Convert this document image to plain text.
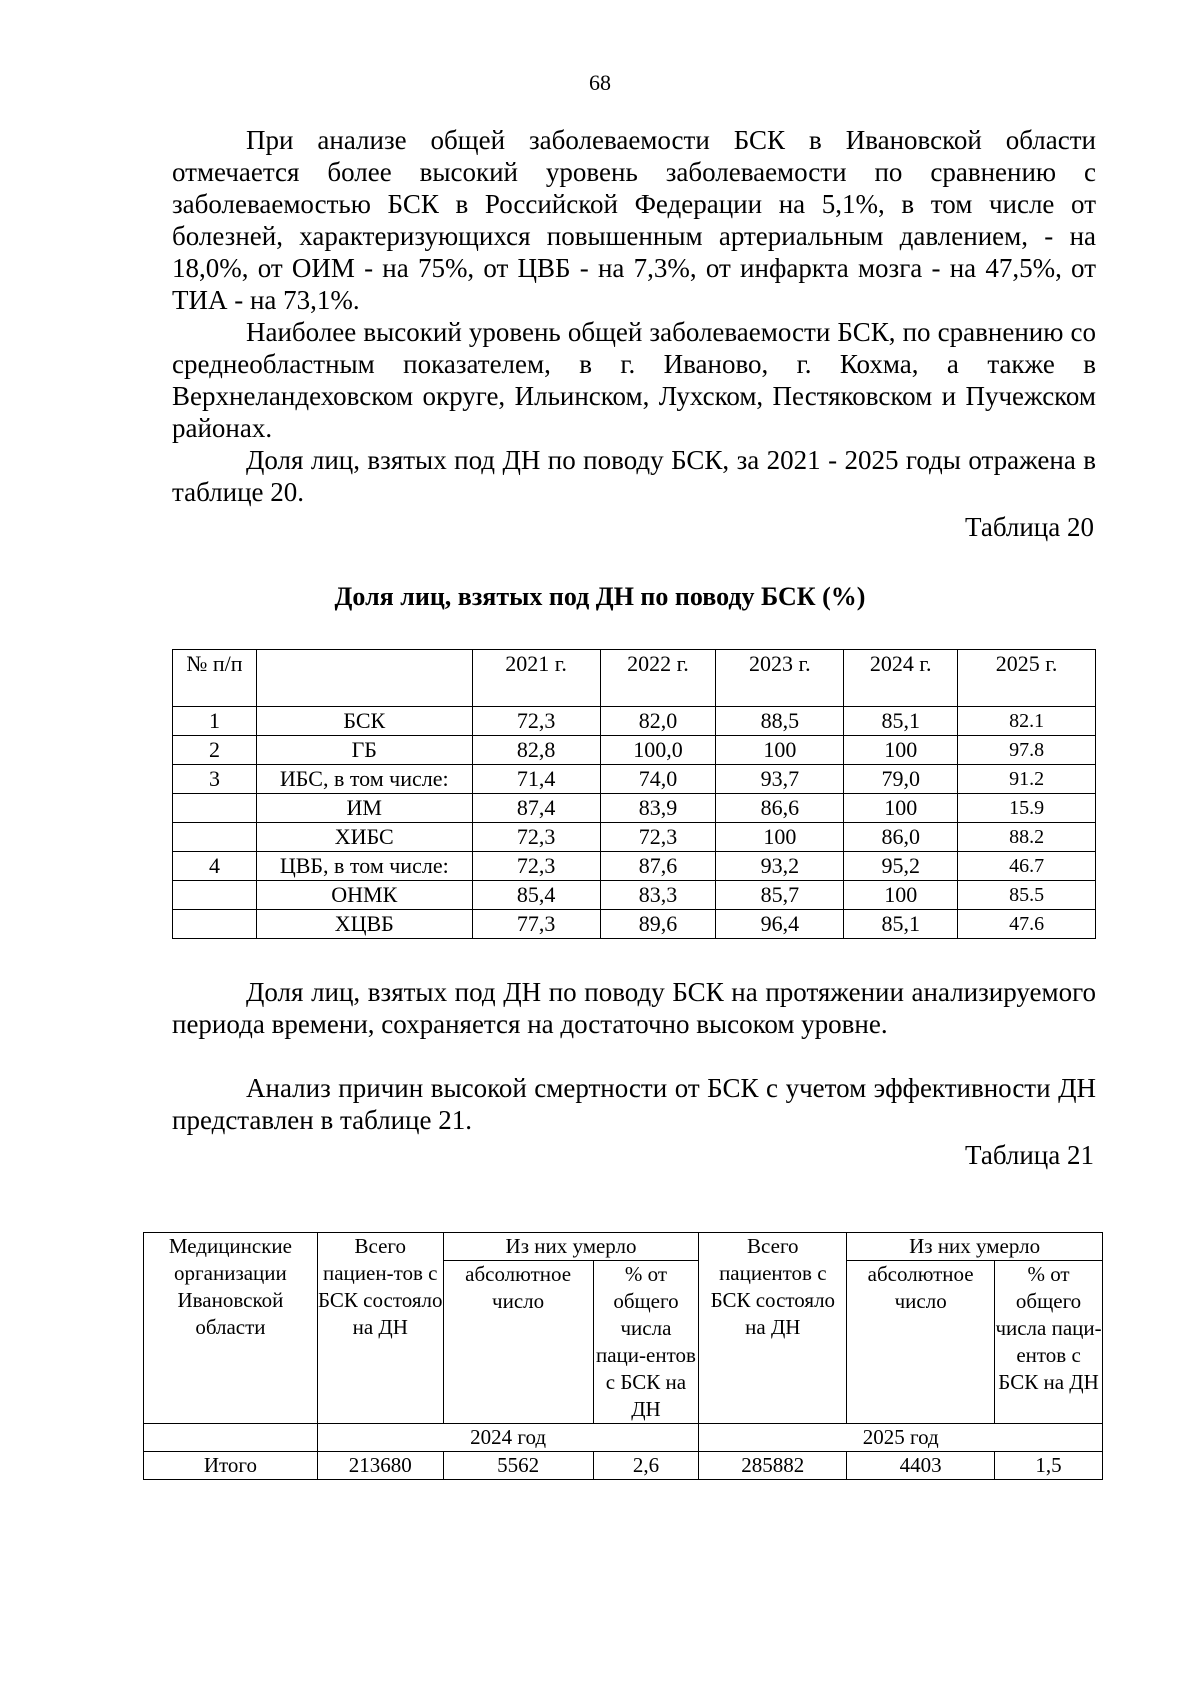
68

При анализе общей заболеваемости БСК в Ивановской области отмечается более высокий уровень заболеваемости по сравнению с заболеваемостью БСК в Российской Федерации на 5,1%, в том числе от болезней, характеризующихся повышенным артериальным давлением, - на 18,0%, от ОИМ - на 75%, от ЦВБ - на 7,3%, от инфаркта мозга - на 47,5%, от ТИА - на 73,1%.

Наиболее высокий уровень общей заболеваемости БСК, по сравнению со среднеобластным показателем, в г. Иваново, г. Кохма, а также в Верхнеландеховском округе, Ильинском, Лухском, Пестяковском и Пучежском районах.

Доля лиц, взятых под ДН по поводу БСК, за 2021 - 2025 годы отражена в таблице 20.

Таблица 20
Доля лиц, взятых под ДН по поводу БСК (%)
№ п/п		2021 г.	2022 г.	2023 г.	2024 г.	2025 г.
1	БСК	72,3	82,0	88,5	85,1	82.1
2	ГБ	82,8	100,0	100	100	97.8
3	ИБС, в том числе:	71,4	74,0	93,7	79,0	91.2
	ИМ	87,4	83,9	86,6	100	15.9
	ХИБС	72,3	72,3	100	86,0	88.2
4	ЦВБ, в том числе:	72,3	87,6	93,2	95,2	46.7
	ОНМК	85,4	83,3	85,7	100	85.5
	ХЦВБ	77,3	89,6	96,4	85,1	47.6

Доля лиц, взятых под ДН по поводу БСК на протяжении анализируемого периода времени, сохраняется на достаточно высоком уровне.

Анализ причин высокой смертности от БСК с учетом эффективности ДН представлен в таблице 21.

Таблица 21
Медицинские организации Ивановской области	Всего пациен-тов с БСК состояло на ДН	Из них умерло		Всего пациентов с БСК состояло на ДН	Из них умерло	
		абсолютное число	% от общего числа паци-ентов с БСК на ДН		абсолютное число	% от общего числа паци-ентов с БСК на ДН
	2024 год			2025 год		
Итого	213680	5562	2,6	285882	4403	1,5
